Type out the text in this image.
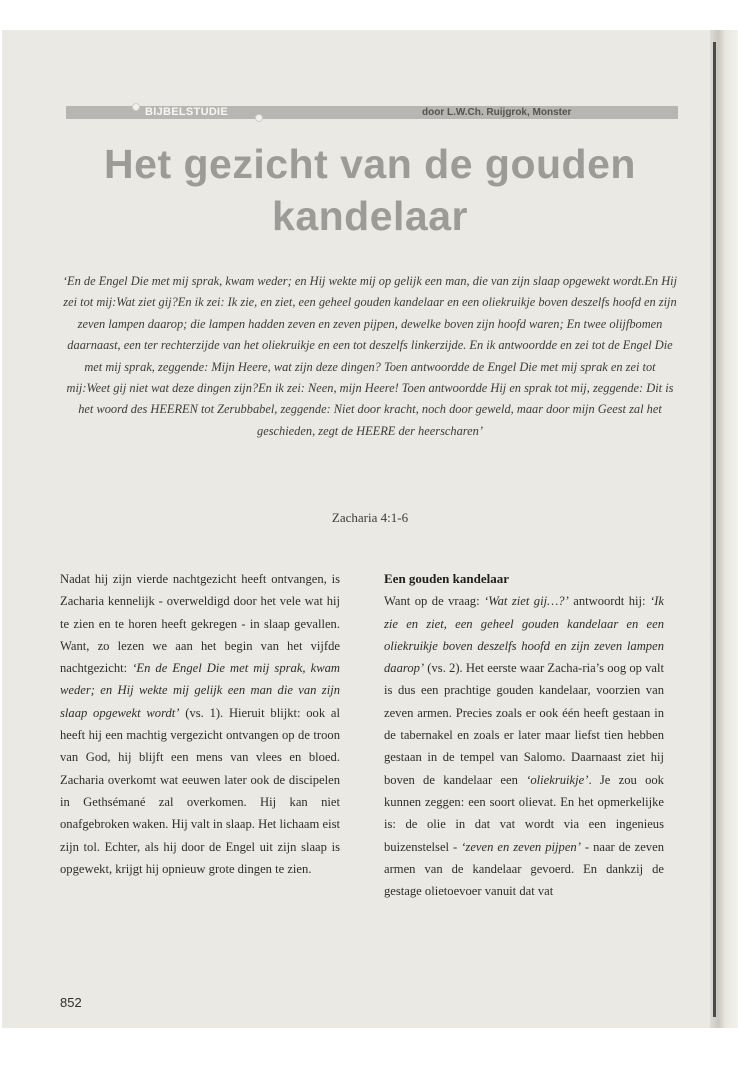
BIJBELSTUDIE	door L.W.Ch. Ruijgrok, Monster
Het gezicht van de gouden
kandelaar

‘En de Engel Die met mij sprak, kwam weder; en Hij wekte mij op gelijk een man, die van zijn slaap opgewekt wordt.En Hij zei tot mij:Wat ziet gij?En ik zei: Ik zie, en ziet, een geheel gouden kandelaar en een oliekruikje boven deszelfs hoofd en zijn zeven lampen daarop; die lampen hadden zeven en zeven pijpen, dewelke boven zijn hoofd waren; En twee olijfbomen daarnaast, een ter rechterzijde van het oliekruikje en een tot deszelfs linkerzijde. En ik antwoordde en zei tot de Engel Die met mij sprak, zeggende: Mijn Heere, wat zijn deze dingen? Toen antwoordde de Engel Die met mij sprak en zei tot mij:Weet gij niet wat deze dingen zijn?En ik zei: Neen, mijn Heere! Toen antwoordde Hij en sprak tot mij, zeggende: Dit is het woord des HEEREN tot Zerubbabel, zeggende: Niet door kracht, noch door geweld, maar door mijn Geest zal het geschieden, zegt de HEERE der heerscharen’

Zacharia 4:1-6

Nadat hij zijn vierde nachtgezicht heeft ontvangen, is Zacharia kennelijk - overweldigd door het vele wat hij te zien en te horen heeft gekregen - in slaap gevallen. Want, zo lezen we aan het begin van het vijfde nachtgezicht: ‘En de Engel Die met mij sprak, kwam weder; en Hij wekte mij gelijk een man die van zijn slaap opgewekt wordt’ (vs. 1). Hieruit blijkt: ook al heeft hij een machtig vergezicht ontvangen op de troon van God, hij blijft een mens van vlees en bloed. Zacharia overkomt wat eeuwen later ook de discipelen in Gethsémané zal overkomen. Hij kan niet onafgebroken waken. Hij valt in slaap. Het lichaam eist zijn tol. Echter, als hij door de Engel uit zijn slaap is opgewekt, krijgt hij opnieuw grote dingen te zien.

Een gouden kandelaar

Want op de vraag: ‘Wat ziet gij…?’ antwoordt hij: ‘Ik zie en ziet, een geheel gouden kandelaar en een oliekruikje boven deszelfs hoofd en zijn zeven lampen daarop’ (vs. 2). Het eerste waar Zacha-ria’s oog op valt is dus een prachtige gouden kandelaar, voorzien van zeven armen. Precies zoals er ook één heeft gestaan in de tabernakel en zoals er later maar liefst tien hebben gestaan in de tempel van Salomo. Daarnaast ziet hij boven de kandelaar een ‘oliekruikje’. Je zou ook kunnen zeggen: een soort olievat. En het opmerkelijke is: de olie in dat vat wordt via een ingenieus buizenstelsel - ‘zeven en zeven pijpen’ - naar de zeven armen van de kandelaar gevoerd. En dankzij de gestage olietoevoer vanuit dat vat

852
